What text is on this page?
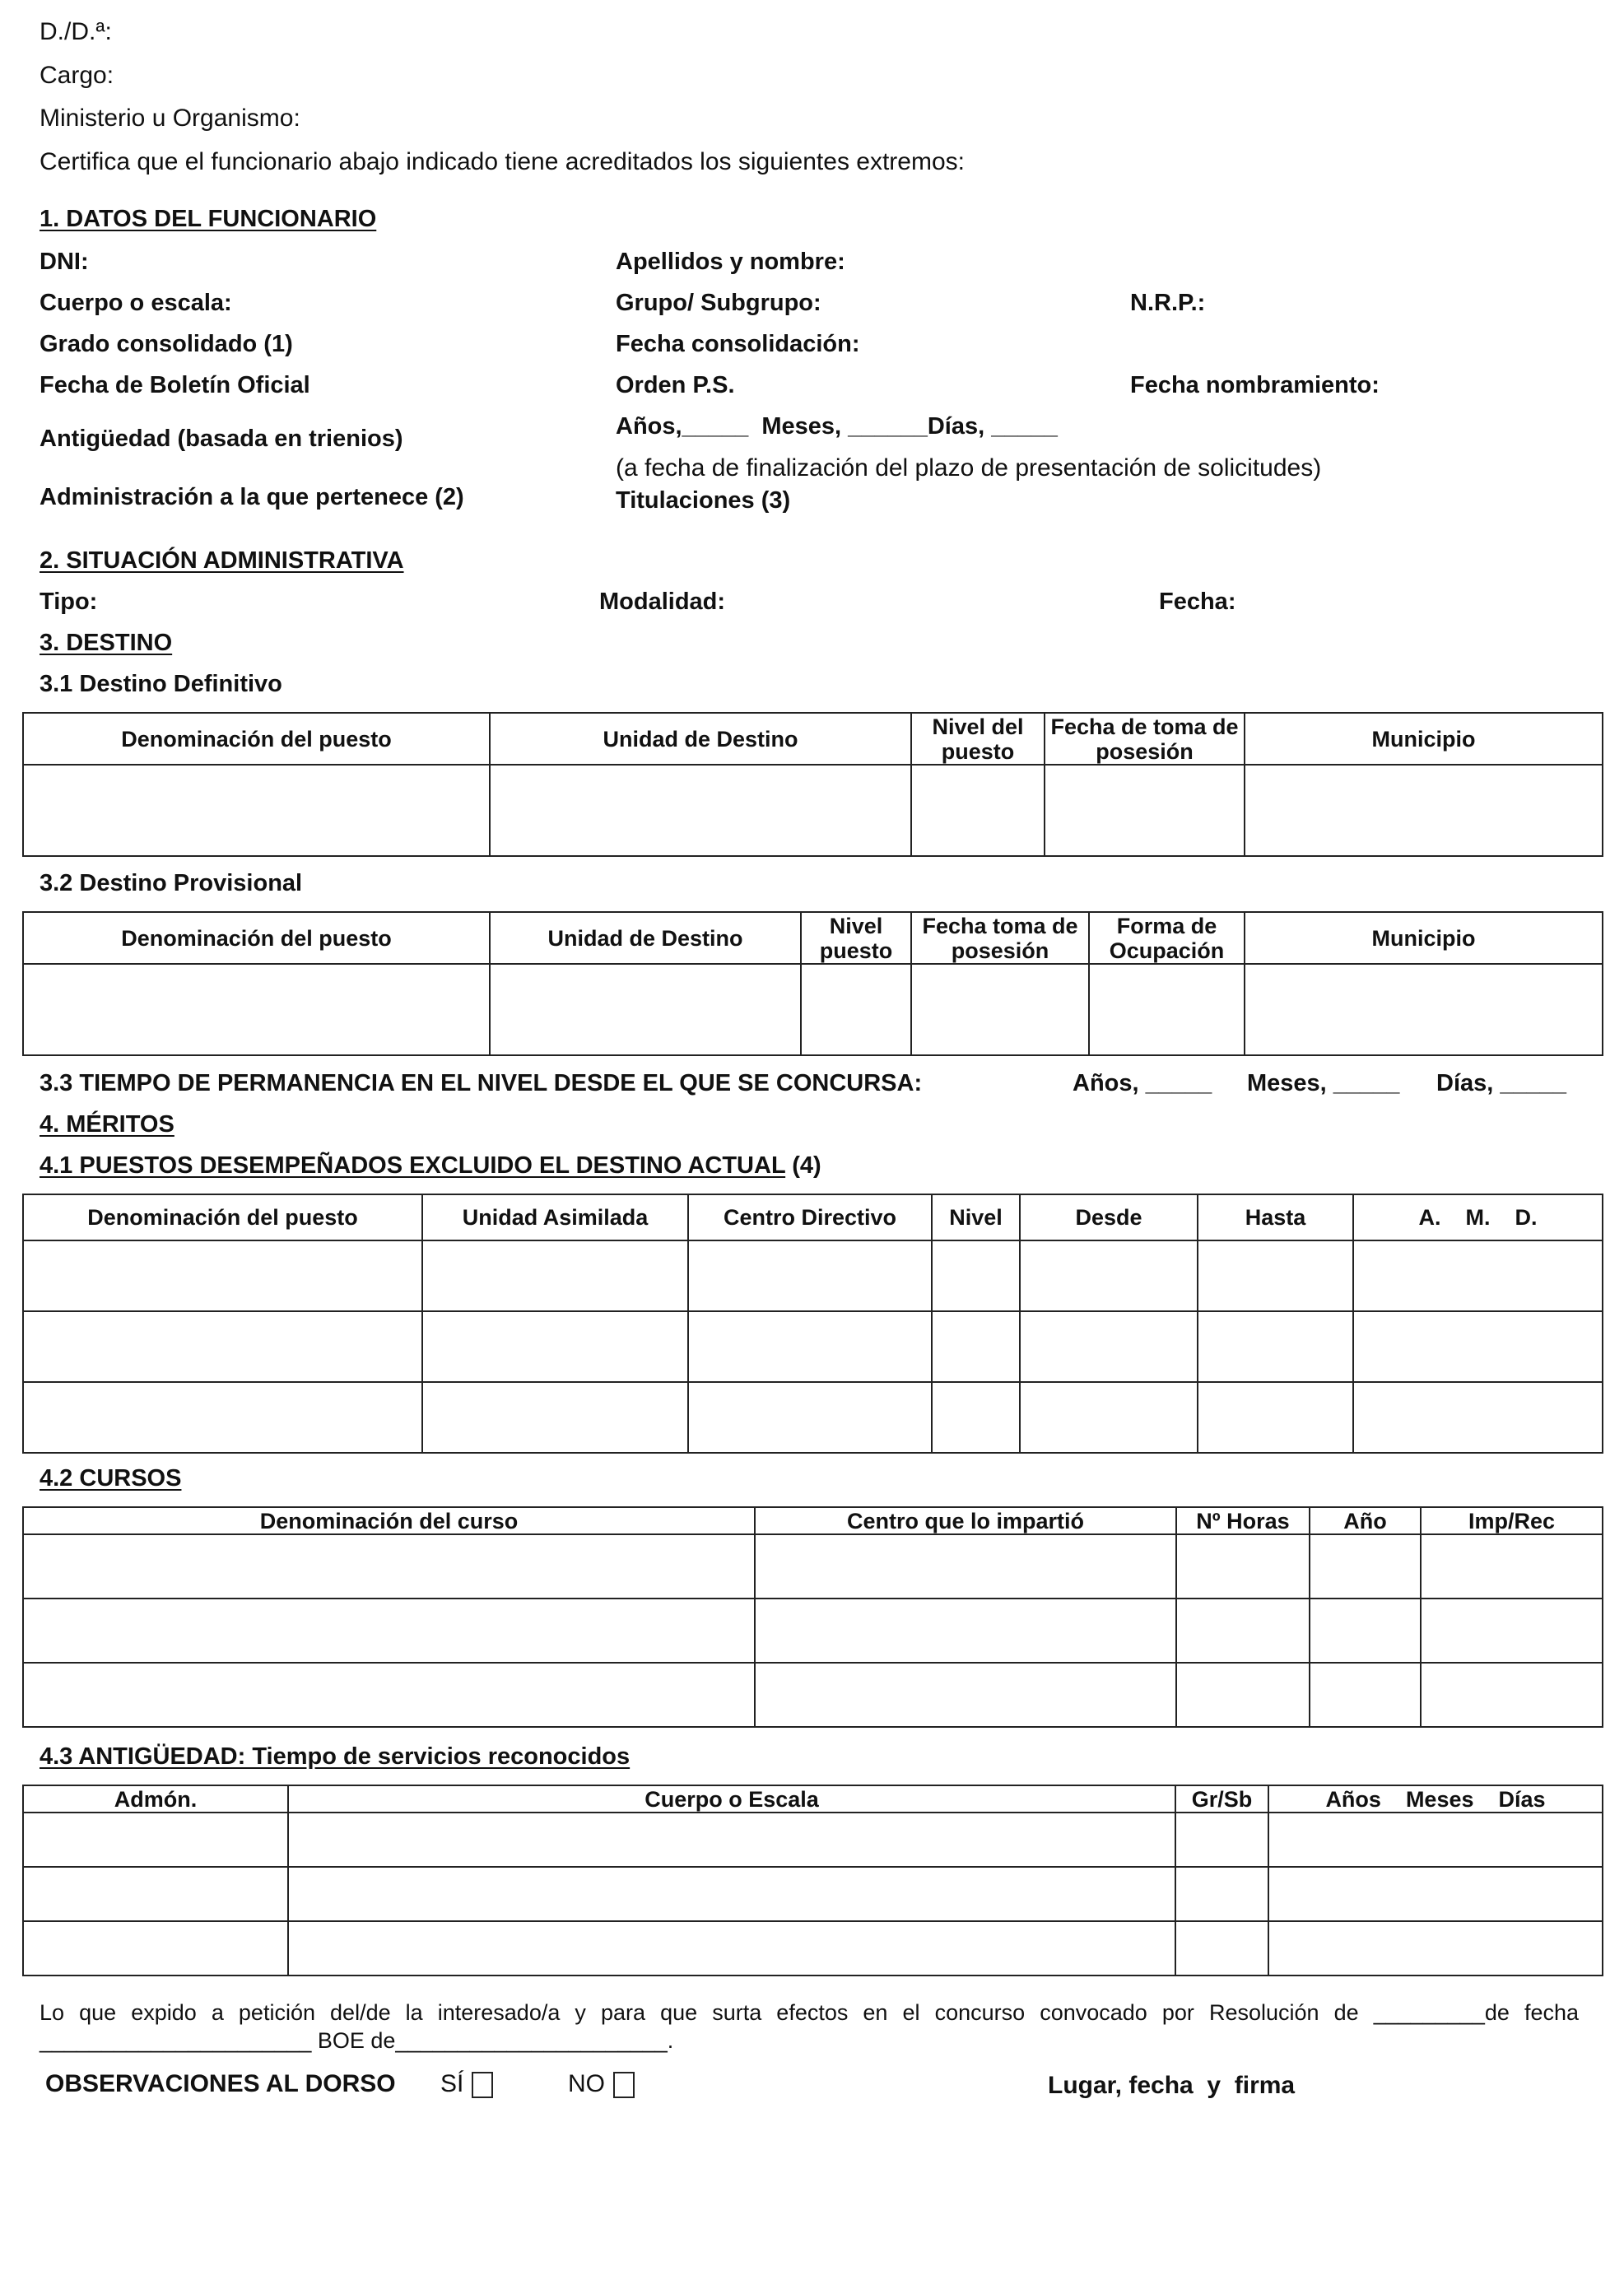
D./D.ª:
Cargo:
Ministerio u Organismo:
Certifica que el funcionario abajo indicado tiene acreditados los siguientes extremos:
1. DATOS DEL FUNCIONARIO
DNI:	Apellidos y nombre:
Cuerpo o escala:	Grupo/ Subgrupo:	N.R.P.:
Grado consolidado (1)	Fecha consolidación:
Fecha de Boletín Oficial	Orden P.S.	Fecha nombramiento:
Antigüedad (basada en trienios)	Años,_____  Meses, ______Días, _____
(a fecha de finalización del plazo de presentación de solicitudes)
Administración a la que pertenece (2)	Titulaciones (3)
2. SITUACIÓN ADMINISTRATIVA
Tipo:	Modalidad:	Fecha:
3. DESTINO
3.1 Destino Definitivo
Denominación del puesto	Unidad de Destino	Nivel del puesto	Fecha de toma de posesión	Municipio

3.2 Destino Provisional
Denominación del puesto	Unidad de Destino	Nivel puesto	Fecha toma de posesión	Forma de Ocupación	Municipio

3.3 TIEMPO DE PERMANENCIA EN EL NIVEL DESDE EL QUE SE CONCURSA:	Años, _____ Meses, _____ Días, _____
4. MÉRITOS
4.1 PUESTOS DESEMPEÑADOS EXCLUIDO EL DESTINO ACTUAL (4)
Denominación del puesto	Unidad Asimilada	Centro Directivo	Nivel	Desde	Hasta	A.    M.    D.

4.2 CURSOS
Denominación del curso	Centro que lo impartió	Nº Horas	Año	Imp/Rec

4.3 ANTIGÜEDAD: Tiempo de servicios reconocidos
Admón.	Cuerpo o Escala	Gr/Sb	Años    Meses    Días

Lo que expido a petición del/de la interesado/a y para que surta efectos en el concurso convocado por Resolución de _________de fecha
______________________ BOE de______________________.
OBSERVACIONES AL DORSO SÍ	NO	Lugar, fecha  y  firma
